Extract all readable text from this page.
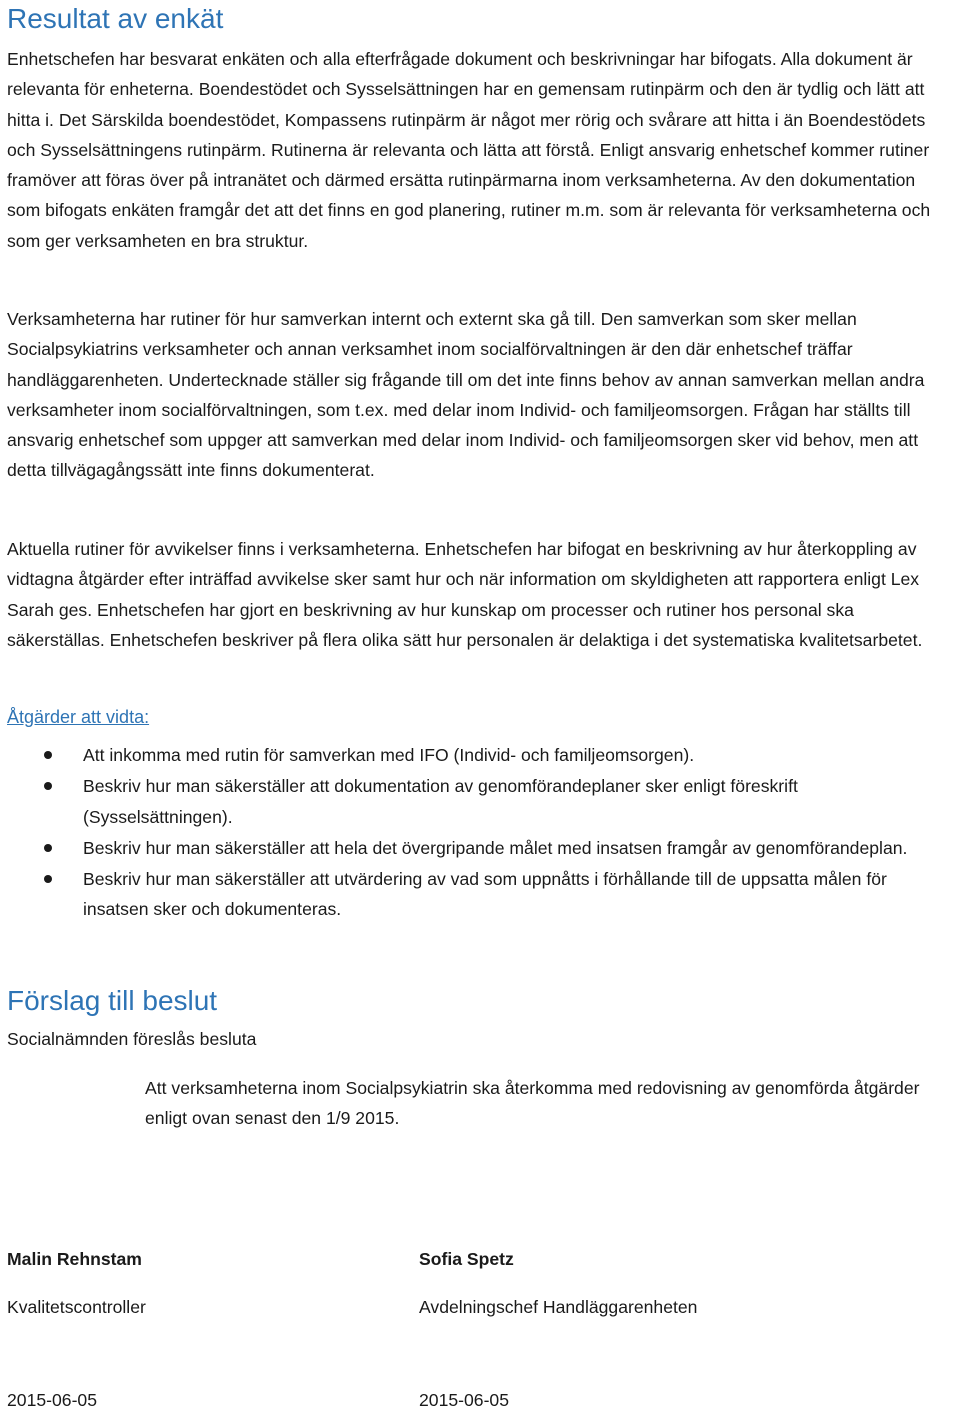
Resultat av enkät

Enhetschefen har besvarat enkäten och alla efterfrågade dokument och beskrivningar har bifogats. Alla dokument är relevanta för enheterna. Boendestödet och Sysselsättningen har en gemensam rutinpärm och den är tydlig och lätt att hitta i. Det Särskilda boendestödet, Kompassens rutinpärm är något mer rörig och svårare att hitta i än Boendestödets och Sysselsättningens rutinpärm. Rutinerna är relevanta och lätta att förstå. Enligt ansvarig enhetschef kommer rutiner framöver att föras över på intranätet och därmed ersätta rutinpärmarna inom verksamheterna. Av den dokumentation som bifogats enkäten framgår det att det finns en god planering, rutiner m.m. som är relevanta för verksamheterna och som ger verksamheten en bra struktur.

Verksamheterna har rutiner för hur samverkan internt och externt ska gå till. Den samverkan som sker mellan Socialpsykiatrins verksamheter och annan verksamhet inom socialförvaltningen är den där enhetschef träffar handläggarenheten. Undertecknade ställer sig frågande till om det inte finns behov av annan samverkan mellan andra verksamheter inom socialförvaltningen, som t.ex. med delar inom Individ- och familjeomsorgen. Frågan har ställts till ansvarig enhetschef som uppger att samverkan med delar inom Individ- och familjeomsorgen sker vid behov, men att detta tillvägagångssätt inte finns dokumenterat.

Aktuella rutiner för avvikelser finns i verksamheterna. Enhetschefen har bifogat en beskrivning av hur återkoppling av vidtagna åtgärder efter inträffad avvikelse sker samt hur och när information om skyldigheten att rapportera enligt Lex Sarah ges. Enhetschefen har gjort en beskrivning av hur kunskap om processer och rutiner hos personal ska säkerställas. Enhetschefen beskriver på flera olika sätt hur personalen är delaktiga i det systematiska kvalitetsarbetet.

Åtgärder att vidta:

Att inkomma med rutin för samverkan med IFO (Individ- och familjeomsorgen).
Beskriv hur man säkerställer att dokumentation av genomförandeplaner sker enligt föreskrift (Sysselsättningen).
Beskriv hur man säkerställer att hela det övergripande målet med insatsen framgår av genomförandeplan.
Beskriv hur man säkerställer att utvärdering av vad som uppnåtts i förhållande till de uppsatta målen för insatsen sker och dokumenteras.
Förslag till beslut

Socialnämnden föreslås besluta

Att verksamheterna inom Socialpsykiatrin ska återkomma med redovisning av genomförda åtgärder enligt ovan senast den 1/9 2015.

Malin Rehnstam	Sofia Spetz

Kvalitetscontroller	Avdelningschef Handläggarenheten

2015-06-05	2015-06-05
